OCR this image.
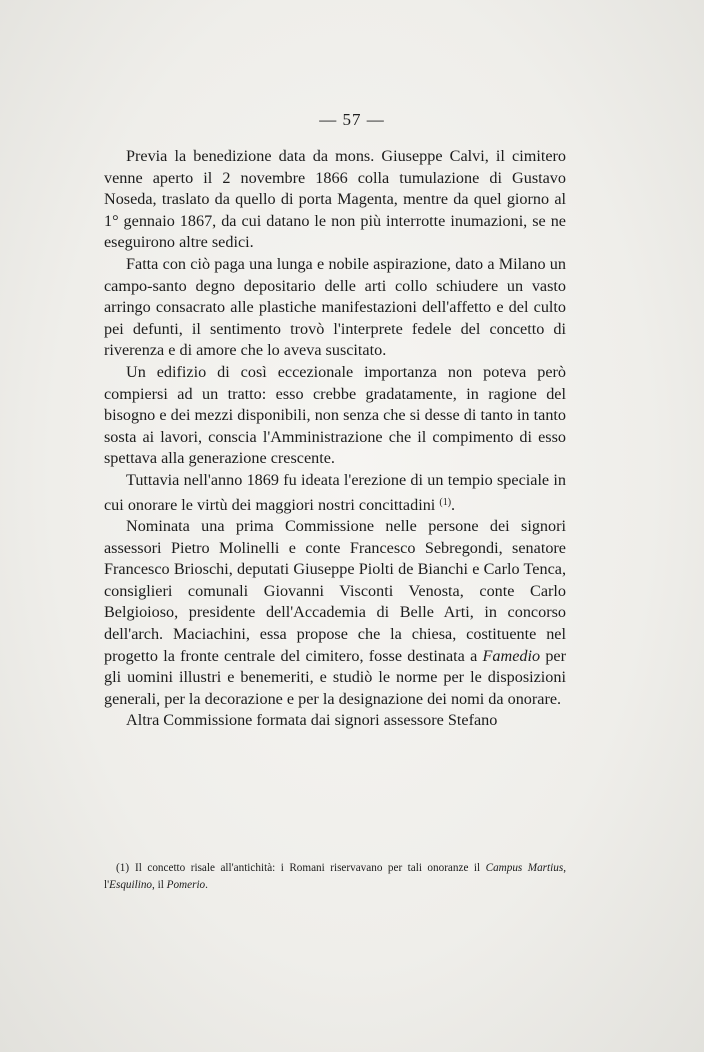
— 57 —

Previa la benedizione data da mons. Giuseppe Calvi, il cimitero venne aperto il 2 novembre 1866 colla tumulazione di Gustavo Noseda, traslato da quello di porta Magenta, mentre da quel giorno al 1° gennaio 1867, da cui datano le non più interrotte inumazioni, se ne eseguirono altre sedici.

Fatta con ciò paga una lunga e nobile aspirazione, dato a Milano un campo-santo degno depositario delle arti collo schiudere un vasto arringo consacrato alle plastiche manifestazioni dell'affetto e del culto pei defunti, il sentimento trovò l'interprete fedele del concetto di riverenza e di amore che lo aveva suscitato.

Un edifizio di così eccezionale importanza non poteva però compiersi ad un tratto: esso crebbe gradatamente, in ragione del bisogno e dei mezzi disponibili, non senza che si desse di tanto in tanto sosta ai lavori, conscia l'Amministrazione che il compimento di esso spettava alla generazione crescente.

Tuttavia nell'anno 1869 fu ideata l'erezione di un tempio speciale in cui onorare le virtù dei maggiori nostri concittadini $^{(1)}$.

Nominata una prima Commissione nelle persone dei signori assessori Pietro Molinelli e conte Francesco Sebregondi, senatore Francesco Brioschi, deputati Giuseppe Piolti de Bianchi e Carlo Tenca, consiglieri comunali Giovanni Visconti Venosta, conte Carlo Belgioioso, presidente dell'Accademia di Belle Arti, in concorso dell'arch. Maciachini, essa propose che la chiesa, costituente nel progetto la fronte centrale del cimitero, fosse destinata a Famedio per gli uomini illustri e benemeriti, e studiò le norme per le disposizioni generali, per la decorazione e per la designazione dei nomi da onorare.

Altra Commissione formata dai signori assessore Stefano

(1) Il concetto risale all'antichità: i Romani riservavano per tali onoranze il Campus Martius, l'Esquilino, il Pomerio.
